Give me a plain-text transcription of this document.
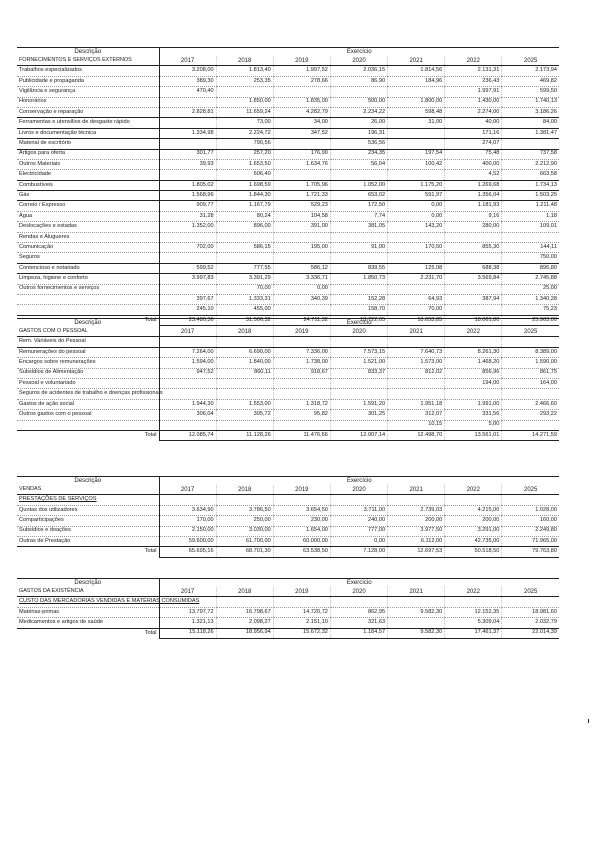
Descrição	Exercício						
FORNECIMENTOS E SERVIÇOS EXTERNOS	2017	2018	2019	2020	2021	2022	2025
Trabalhos especializados	3.208,00	1.813,40	1.997,52	2.036,15	1.814,56	2.131,31	2.173,94
Publicidade e propaganda	389,30	253,35	278,66	86,90	184,96	236,43	469,82
Vigilância e segurança	470,40					1.997,91	599,50
Honorários		1.850,00	1.835,00	500,00	1.800,00	1.430,00	1.740,13
Conservação e reparação	2.828,81	11.659,24	4.282,79	2.234,22	598,48	2.274,00	3.186,26
Ferramentas e utensílios de desgaste rápido		73,00	34,00	26,00	31,00	40,00	84,00
Livros e documentação técnica	1.334,98	2.224,72	347,52	196,31		171,16	1.381,47
Material de escritório		790,56		536,56		274,07	
Artigos para oferta	301,77	257,20	176,90	234,35	197,54	75,48	737,58
Outros Materiais	39,93	1.653,50	1.634,76	56,04	100,42	400,00	2.212,90
Electricidade		606,40				4,52	663,58
Combustíveis	1.805,02	1.698,59	1.705,96	1.052,00	1.175,20	1.269,68	1.734,13
Gás	1.568,96	1.844,30	1.721,33	653,02	591,97	1.356,04	1.503,25
Correio / Expresso	909,77	1.167,79	529,23	172,50	0,00	1.181,93	1.211,48
Água	31,28	80,24	104,58	7,74	0,00	9,16	1,18
Deslocações e estadas	1.352,00	896,00	391,00	381,05	143,20	280,00	109,01
Rendas e Alugueres							
Comunicação	702,00	586,15	195,00	91,00	170,50	855,30	144,11
Seguros							750,00
Contencioso e notariado	599,52	777,55	586,12	839,55	125,08	688,38	895,80
Limpeza, higiene e conforto	3.997,83	3.391,29	3.336,71	1.850,73	2.231,70	3.569,84	2.745,88
Outros fornecimentos e serviços		70,00	0,00				25,00
	397,67	1.333,31	340,39	152,28	64,93	387,94	1.340,28
	245,10	455,00		158,70	70,00		75,23
Total	23.480,36	31.506,32	24.711,32	13.722,05	10.653,85	18.061,80	25.963,00
Descrição	Exercício						
GASTOS COM O PESSOAL	2017	2018	2019	2020	2021	2022	2025
Rem. Variáveis do Pessoal							
Remunerações do pessoal	7.264,00	6.690,00	7.336,00	7.573,15	7.640,73	8.261,30	8.389,00
Encargos sobre remunerações	1.594,00	1.840,00	1.738,00	1.521,00	1.573,00	1.468,20	1.590,00
Subsídios de Alimentação	947,52	860,11	918,67	833,37	812,02	856,96	861,75
Pessoal e voluntariado						194,00	164,00
Seguros de acidentes de trabalho e doenças profissionais							
Gastos de ação social	1.944,30	1.553,00	1.318,72	1.591,20	1.951,18	1.991,00	2.466,60
Outros gastos com o pessoal	306,04	305,72	95,82	301,25	312,07	331,56	293,22
					10,15	5,00	
Total	12.085,74	11.128,26	11.476,66	12.007,14	12.498,70	13.561,01	14.271,59
Descrição	Exercício						
VENDAS	2017	2018	2019	2020	2021	2022	2025
PRESTAÇÕES DE SERVIÇOS							
Quotas dos utilizadores	3.634,90	3.786,50	3.654,50	3.711,00	2.739,03	4.215,00	1.028,00
Comparticipações	170,00	250,00	230,00	240,00	200,00	200,00	160,00
Subsídios e doações	2.150,00	3.030,00	1.654,00	777,00	3.977,50	3.291,00	2.249,80
Outras de Prestação	59.600,00	61.700,00	60.000,00	0,00	6.112,00	42.735,00	71.965,00
Total	65.695,16	68.701,30	63.538,50	7.128,00	12.697,53	50.518,50	79.763,80
Descrição	Exercício						
GASTOS DA EXISTÊNCIA	2017	2018	2019	2020	2021	2022	2025
CUSTO DAS MERCADORIAS VENDIDAS E MATÉRIAS CONSUMIDAS							
Matérias-primas	13.797,72	16.798,67	14.720,72	862,95	9.582,30	12.152,35	18.981,60
Medicamentos e artigos de saúde	1.321,13	2.098,27	2.151,10	321,63		5.309,04	2.032,79
Total	15.118,26	18.956,94	15.672,32	1.184,57	9.582,30	17.461,37	22.014,39
